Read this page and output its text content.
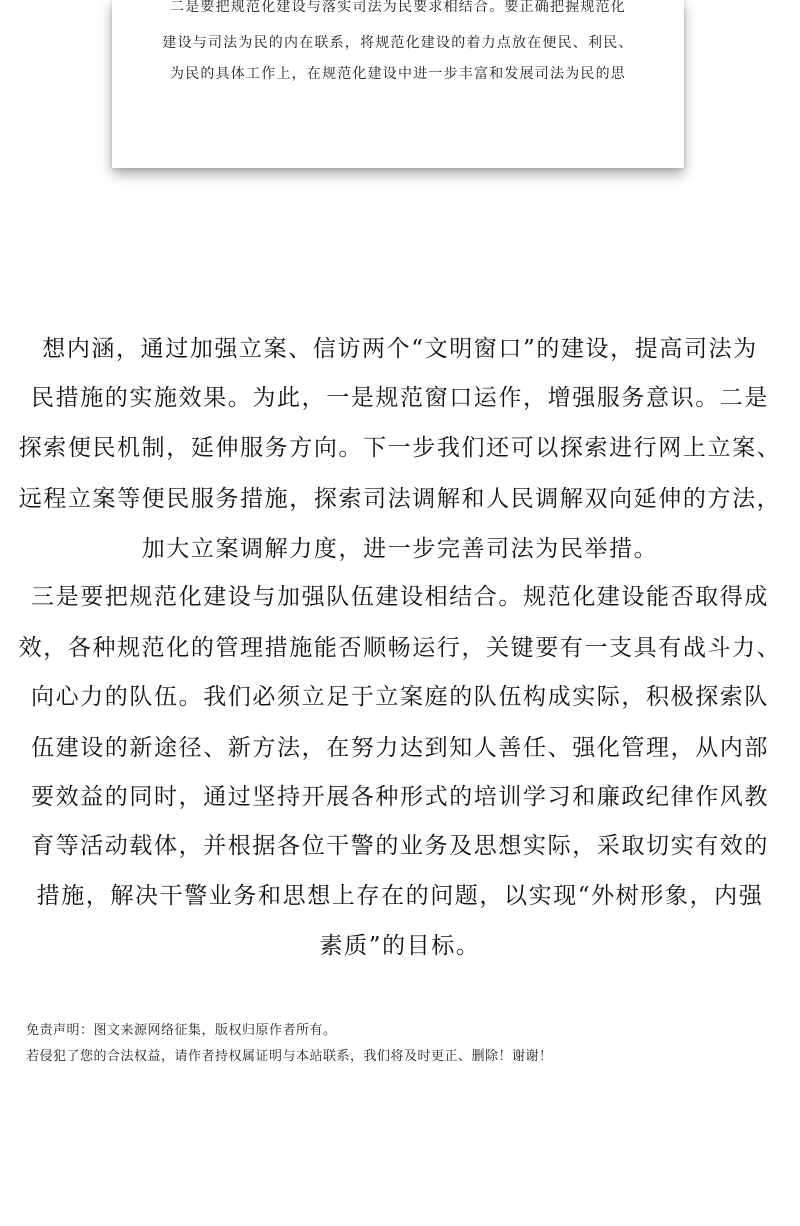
二是要把规范化建设与落实司法为民要求相结合。要正确把握规范化
建设与司法为民的内在联系，将规范化建设的着力点放在便民、利民、
为民的具体工作上，在规范化建设中进一步丰富和发展司法为民的思
想内涵，通过加强立案、信访两个“文明窗口”的建设，提高司法为
民措施的实施效果。为此，一是规范窗口运作，增强服务意识。二是
探索便民机制，延伸服务方向。下一步我们还可以探索进行网上立案、
远程立案等便民服务措施，探索司法调解和人民调解双向延伸的方法，
加大立案调解力度，进一步完善司法为民举措。
三是要把规范化建设与加强队伍建设相结合。规范化建设能否取得成
效，各种规范化的管理措施能否顺畅运行，关键要有一支具有战斗力、
向心力的队伍。我们必须立足于立案庭的队伍构成实际，积极探索队
伍建设的新途径、新方法，在努力达到知人善任、强化管理，从内部
要效益的同时，通过坚持开展各种形式的培训学习和廉政纪律作风教
育等活动载体，并根据各位干警的业务及思想实际，采取切实有效的
措施，解决干警业务和思想上存在的问题，以实现“外树形象，内强
素质”的目标。
免责声明：图文来源网络征集，版权归原作者所有。
若侵犯了您的合法权益，请作者持权属证明与本站联系，我们将及时更正、删除！谢谢！
